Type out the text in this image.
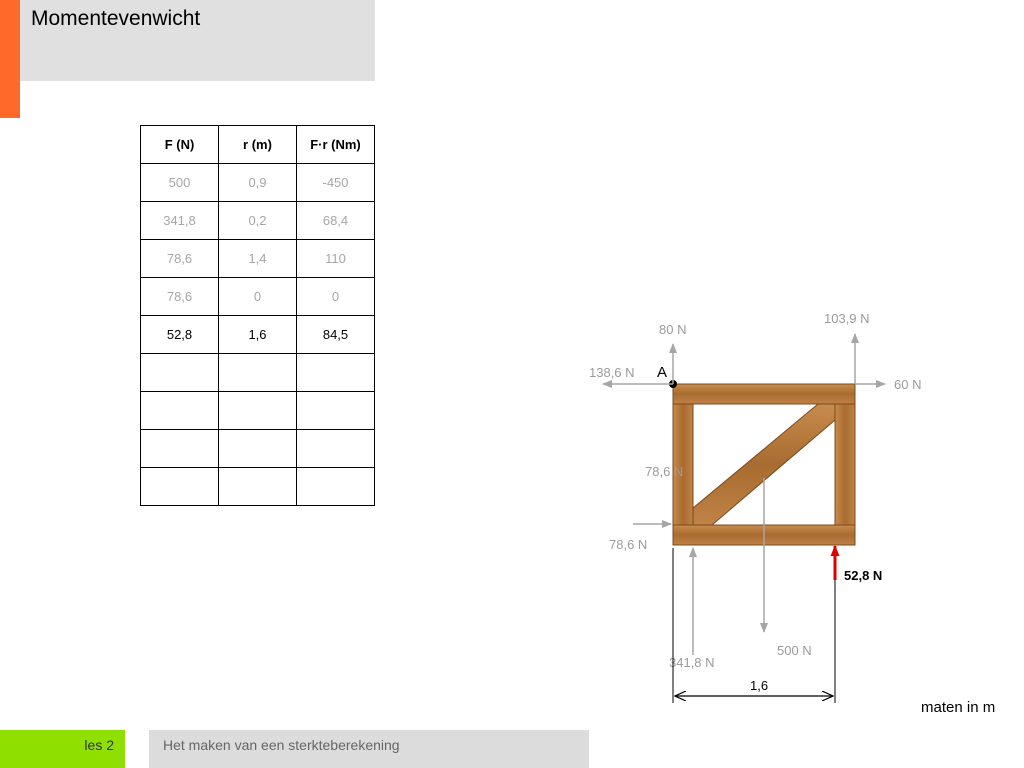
Momentevenwicht
F (N)	r (m)	F·r (Nm)
500	0,9	-450
341,8	0,2	68,4
78,6	1,4	110
78,6	0	0
52,8	1,6	84,5

A
80 N
103,9 N
138,6 N
60 N
78,6 N
78,6 N
52,8 N
500 N
341,8 N
1,6
maten in m
les 2	Het maken van een sterkteberekening
